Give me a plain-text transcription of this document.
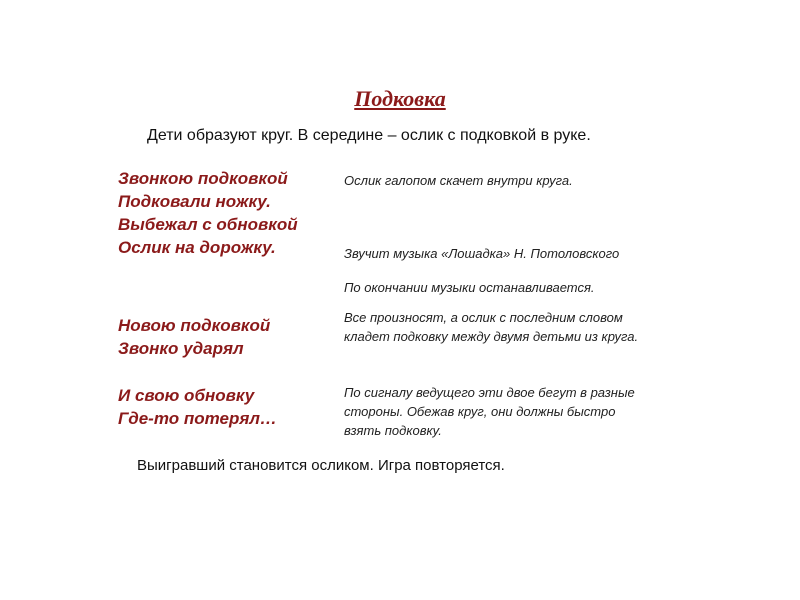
Подковка
Дети образуют круг. В середине – ослик с подковкой в руке.
Звонкою подковкой
Подковали ножку.
Выбежал с обновкой
Ослик на дорожку.
Новою подковкой
Звонко ударял
И свою обновку
Где-то потерял…
Ослик галопом скачет внутри круга.
Звучит музыка «Лошадка» Н. Потоловского
По окончании музыки останавливается.
Все произносят, а ослик с последним словом
кладет подковку между двумя детьми из круга.
По сигналу ведущего эти двое бегут в разные
стороны. Обежав круг, они должны быстро
взять подковку.
Выигравший становится осликом. Игра повторяется.
